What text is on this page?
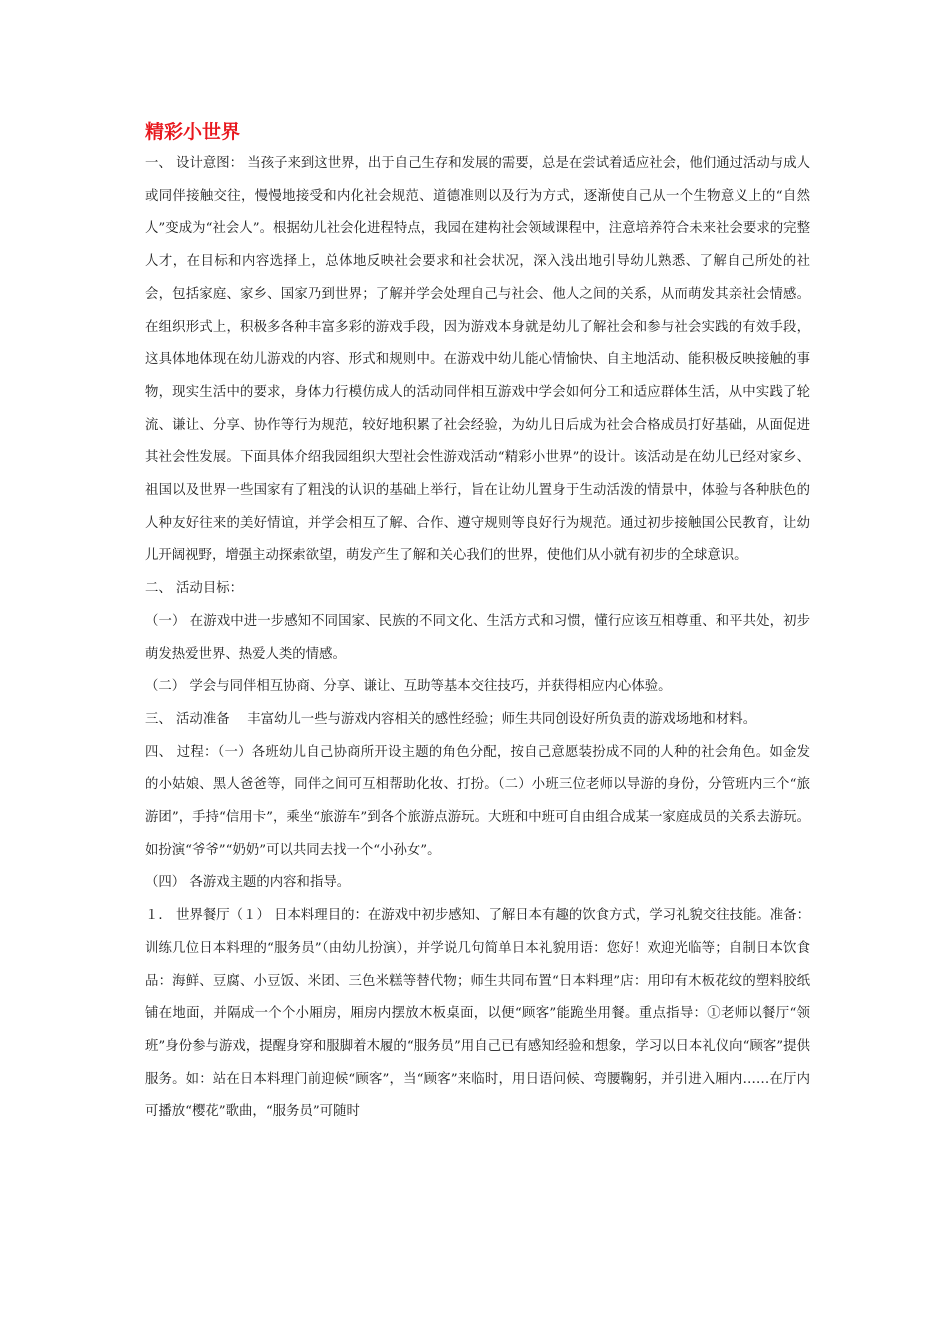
精彩小世界

一、 设计意图： 当孩子来到这世界，出于自己生存和发展的需要，总是在尝试着适应社会，他们通过活动与成人或同伴接触交往，慢慢地接受和内化社会规范、道德准则以及行为方式，逐渐使自己从一个生物意义上的“自然人”变成为“社会人”。根据幼儿社会化进程特点，我园在建构社会领域课程中，注意培养符合未来社会要求的完整人才，在目标和内容选择上，总体地反映社会要求和社会状况，深入浅出地引导幼儿熟悉、了解自己所处的社会，包括家庭、家乡、国家乃到世界；了解并学会处理自己与社会、他人之间的关系，从而萌发其亲社会情感。在组织形式上，积极多各种丰富多彩的游戏手段，因为游戏本身就是幼儿了解社会和参与社会实践的有效手段，这具体地体现在幼儿游戏的内容、形式和规则中。在游戏中幼儿能心情愉快、自主地活动、能积极反映接触的事物，现实生活中的要求，身体力行模仿成人的活动同伴相互游戏中学会如何分工和适应群体生活，从中实践了轮流、谦让、分享、协作等行为规范，较好地积累了社会经验，为幼儿日后成为社会合格成员打好基础，从面促进其社会性发展。下面具体介绍我园组织大型社会性游戏活动“精彩小世界”的设计。该活动是在幼儿已经对家乡、祖国以及世界一些国家有了粗浅的认识的基础上举行，旨在让幼儿置身于生动活泼的情景中，体验与各种肤色的人种友好往来的美好情谊，并学会相互了解、合作、遵守规则等良好行为规范。通过初步接触国公民教育，让幼儿开阔视野，增强主动探索欲望，萌发产生了解和关心我们的世界，使他们从小就有初步的全球意识。

二、 活动目标：

（一） 在游戏中进一步感知不同国家、民族的不同文化、生活方式和习惯，懂行应该互相尊重、和平共处，初步萌发热爱世界、热爱人类的情感。

（二） 学会与同伴相互协商、分享、谦让、互助等基本交往技巧，并获得相应内心体验。

三、 活动准备　 丰富幼儿一些与游戏内容相关的感性经验；师生共同创设好所负责的游戏场地和材料。

四、 过程：（一）各班幼儿自己协商所开设主题的角色分配，按自己意愿装扮成不同的人种的社会角色。如金发的小姑娘、黑人爸爸等，同伴之间可互相帮助化妆、打扮。（二）小班三位老师以导游的身份，分管班内三个“旅游团”，手持“信用卡”，乘坐“旅游车”到各个旅游点游玩。大班和中班可自由组合成某一家庭成员的关系去游玩。如扮演“爷爷”“奶奶”可以共同去找一个“小孙女”。

（四） 各游戏主题的内容和指导。

１． 世界餐厅（１） 日本料理目的：在游戏中初步感知、了解日本有趣的饮食方式，学习礼貌交往技能。准备：训练几位日本料理的“服务员”（由幼儿扮演），并学说几句简单日本礼貌用语：您好！欢迎光临等；自制日本饮食品：海鲜、豆腐、小豆饭、米团、三色米糕等替代物；师生共同布置“日本料理”店：用印有木板花纹的塑料胶纸铺在地面，并隔成一个个小厢房，厢房内摆放木板桌面，以便“顾客”能跪坐用餐。重点指导：①老师以餐厅“领班”身份参与游戏，提醒身穿和服脚着木履的“服务员”用自己已有感知经验和想象，学习以日本礼仪向“顾客”提供服务。如：站在日本料理门前迎候“顾客”，当“顾客”来临时，用日语问候、弯腰鞠躬，并引进入厢内……在厅内可播放“樱花”歌曲，“服务员”可随时
